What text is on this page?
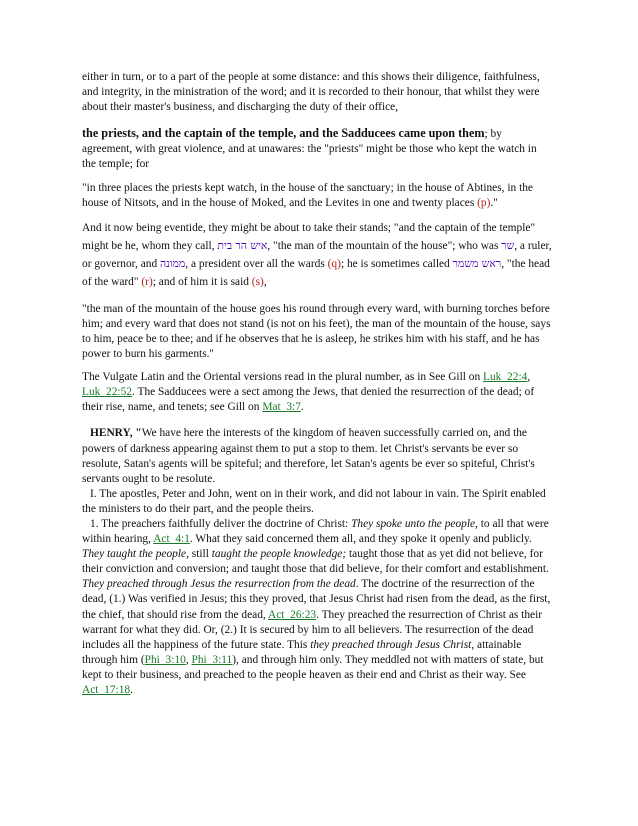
either in turn, or to a part of the people at some distance: and this shows their diligence, faithfulness, and integrity, in the ministration of the word; and it is recorded to their honour, that whilst they were about their master's business, and discharging the duty of their office,

the priests, and the captain of the temple, and the Sadducees came upon them; by agreement, with great violence, and at unawares: the "priests" might be those who kept the watch in the temple; for

"in three places the priests kept watch, in the house of the sanctuary; in the house of Abtines, in the house of Nitsots, and in the house of Moked, and the Levites in one and twenty places (p)."

And it now being eventide, they might be about to take their stands; "and the captain of the temple" might be he, whom they call, איש הר בית, "the man of the mountain of the house"; who was שר, a ruler, or governor, and ממונה, a president over all the wards (q); he is sometimes called ראש משמר, "the head of the ward" (r); and of him it is said (s),

"the man of the mountain of the house goes his round through every ward, with burning torches before him; and every ward that does not stand (is not on his feet), the man of the mountain of the house, says to him, peace be to thee; and if he observes that he is asleep, he strikes him with his staff, and he has power to burn his garments.''

The Vulgate Latin and the Oriental versions read in the plural number, as in See Gill on Luk_22:4, Luk_22:52. The Sadducees were a sect among the Jews, that denied the resurrection of the dead; of their rise, name, and tenets; see Gill on Mat_3:7.

HENRY, "We have here the interests of the kingdom of heaven successfully carried on, and the powers of darkness appearing against them to put a stop to them. let Christ's servants be ever so resolute, Satan's agents will be spiteful; and therefore, let Satan's agents be ever so spiteful, Christ's servants ought to be resolute.

I. The apostles, Peter and John, went on in their work, and did not labour in vain. The Spirit enabled the ministers to do their part, and the people theirs.

1. The preachers faithfully deliver the doctrine of Christ: They spoke unto the people, to all that were within hearing, Act_4:1. What they said concerned them all, and they spoke it openly and publicly. They taught the people, still taught the people knowledge; taught those that as yet did not believe, for their conviction and conversion; and taught those that did believe, for their comfort and establishment. They preached through Jesus the resurrection from the dead. The doctrine of the resurrection of the dead, (1.) Was verified in Jesus; this they proved, that Jesus Christ had risen from the dead, as the first, the chief, that should rise from the dead, Act_26:23. They preached the resurrection of Christ as their warrant for what they did. Or, (2.) It is secured by him to all believers. The resurrection of the dead includes all the happiness of the future state. This they preached through Jesus Christ, attainable through him (Phi_3:10, Phi_3:11), and through him only. They meddled not with matters of state, but kept to their business, and preached to the people heaven as their end and Christ as their way. See Act_17:18.
